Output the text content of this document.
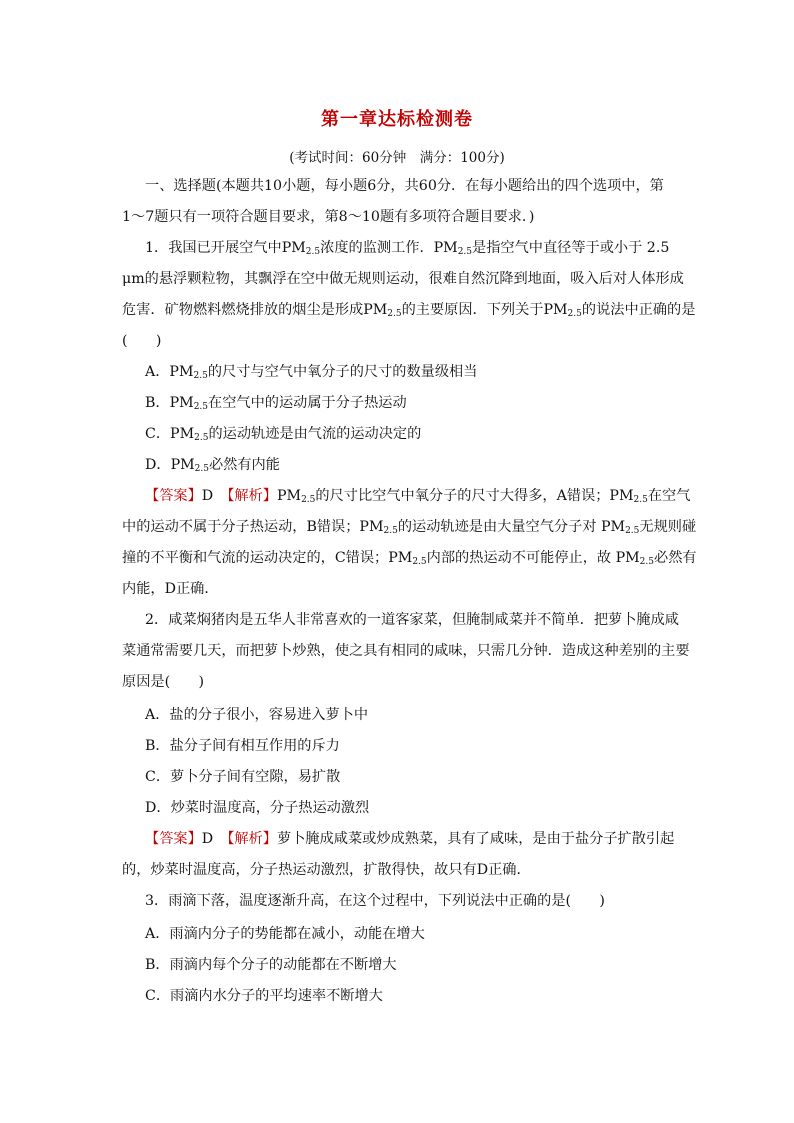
第一章达标检测卷
(考试时间：60分钟　满分：100分)
一、选择题(本题共10小题，每小题6分，共60分．在每小题给出的四个选项中，第
1～7题只有一项符合题目要求，第8～10题有多项符合题目要求．)
1．我国已开展空气中$PM_{2.5}$浓度的监测工作．$PM_{2.5}$是指空气中直径等于或小于 2.5
μm的悬浮颗粒物，其飘浮在空中做无规则运动，很难自然沉降到地面，吸入后对人体形成
危害．矿物燃料燃烧排放的烟尘是形成$PM_{2.5}$的主要原因．下列关于$PM_{2.5}$的说法中正确的是
(　　)
A．$PM_{2.5}$的尺寸与空气中氧分子的尺寸的数量级相当
B．$PM_{2.5}$在空气中的运动属于分子热运动
C．$PM_{2.5}$的运动轨迹是由气流的运动决定的
D．$PM_{2.5}$必然有内能
【答案】D　【解析】$PM_{2.5}$的尺寸比空气中氧分子的尺寸大得多，A错误；$PM_{2.5}$在空气
中的运动不属于分子热运动，B错误；$PM_{2.5}$的运动轨迹是由大量空气分子对 $PM_{2.5}$无规则碰
撞的不平衡和气流的运动决定的，C错误；$PM_{2.5}$内部的热运动不可能停止，故 $PM_{2.5}$必然有
内能，D正确．
2．咸菜焖猪肉是五华人非常喜欢的一道客家菜，但腌制咸菜并不简单．把萝卜腌成咸
菜通常需要几天，而把萝卜炒熟，使之具有相同的咸味，只需几分钟．造成这种差别的主要
原因是(　　)
A．盐的分子很小，容易进入萝卜中
B．盐分子间有相互作用的斥力
C．萝卜分子间有空隙，易扩散
D．炒菜时温度高，分子热运动激烈
【答案】D　【解析】萝卜腌成咸菜或炒成熟菜，具有了咸味，是由于盐分子扩散引起
的，炒菜时温度高，分子热运动激烈，扩散得快，故只有D正确．
3．雨滴下落，温度逐渐升高，在这个过程中，下列说法中正确的是(　　)
A．雨滴内分子的势能都在减小，动能在增大
B．雨滴内每个分子的动能都在不断增大
C．雨滴内水分子的平均速率不断增大
